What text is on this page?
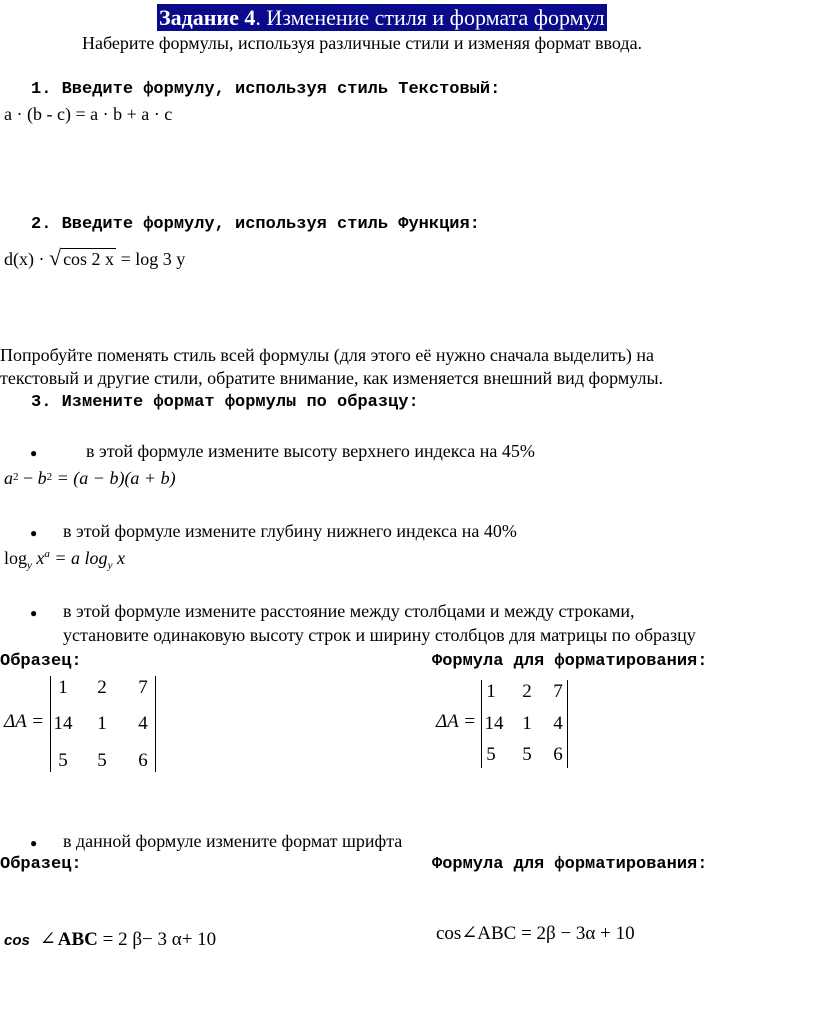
Задание 4. Изменение стиля и формата формул
Наберите формулы, используя различные стили и изменяя формат ввода.
1. Введите формулу, используя стиль Текстовый:
a · (b - c) = a · b + a · c
2. Введите формулу, используя стиль Функция:
d(x) · √ cos 2 x = log 3 y
Попробуйте поменять стиль всей формулы (для этого её нужно сначала выделить) на
текстовый и другие стили, обратите внимание, как изменяется внешний вид формулы.
3. Измените формат формулы по образцу:
●	в этой формуле измените высоту верхнего индекса на 45%
$a^2 - b^2 = (a - b)(a + b)$
● в этой формуле измените глубину нижнего индекса на 40%
$\log_y x^a = a$ $\log_y x$
● в этой формуле измените расстояние между столбцами и между строками,
установите одинаковую высоту строк и ширину столбцов для матрицы по образцу
Образец:	Формула для форматирования:
ΔA =
1	2	7
14	1	4
5	5	6
ΔA =
1	2	7
14 1	4
5	5	6
● в данной формуле измените формат шрифта
Образец:	Формула для форматирования:
cos ∠ ABC = 2 β− 3 α+ 10	cos∠ABC = 2β − 3α + 10
